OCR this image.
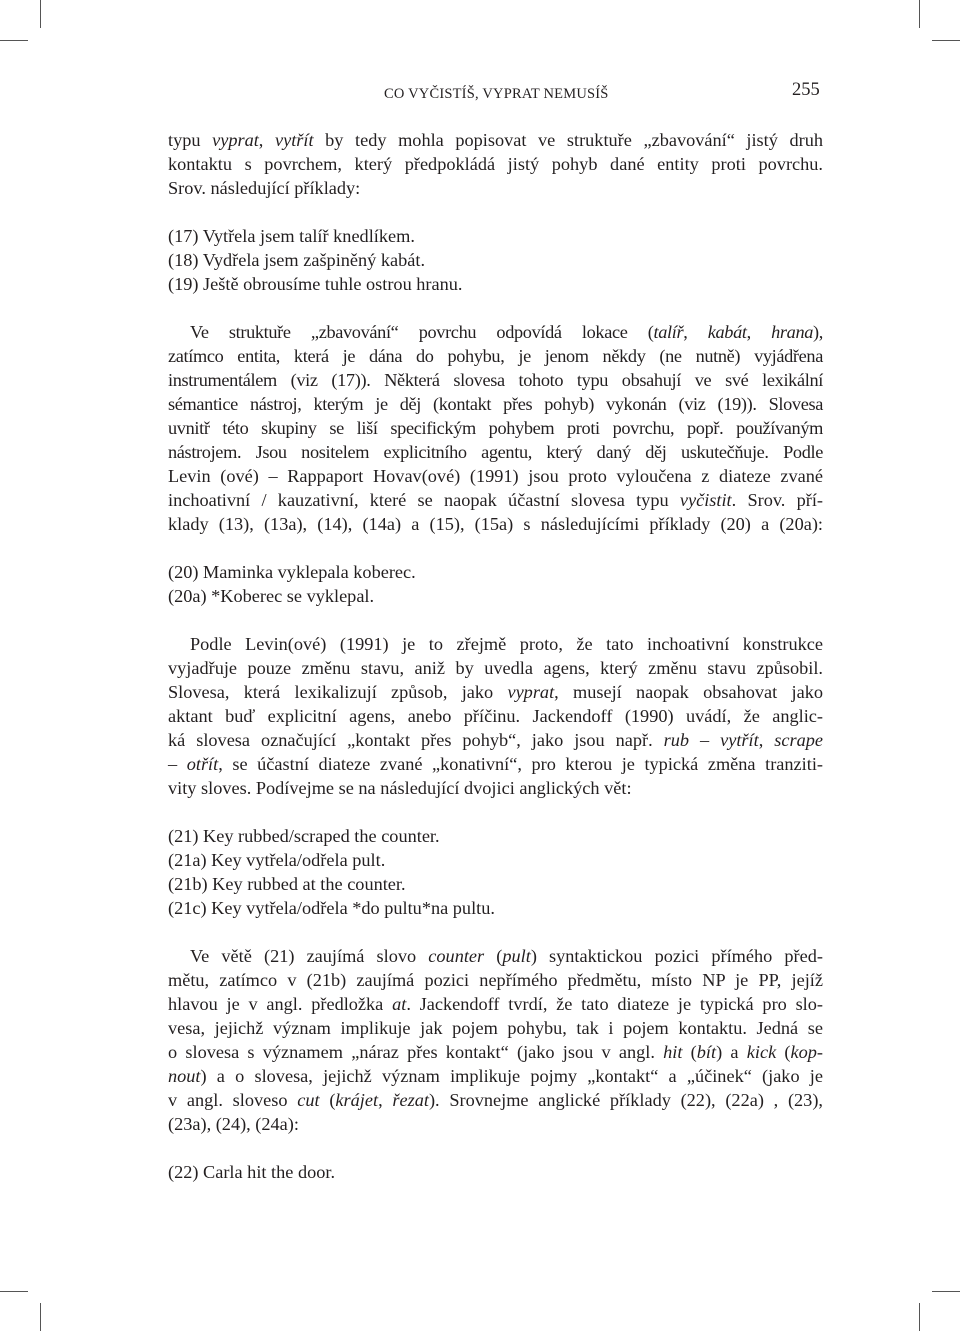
CO VYČISTÍŠ, VYPRAT NEMUSÍŠ	255
typu vyprat, vytřít by tedy mohla popisovat ve struktuře „zbavování“ jistý druh
kontaktu s povrchem, který předpokládá jistý pohyb dané entity proti povrchu.
Srov. následující příklady:
(17) Vytřela jsem talíř knedlíkem.
(18) Vydřela jsem zašpiněný kabát.
(19) Ještě obrousíme tuhle ostrou hranu.
Ve struktuře „zbavování“ povrchu odpovídá lokace (talíř, kabát, hrana),
zatímco entita, která je dána do pohybu, je jenom někdy (ne nutně) vyjádřena
instrumentálem (viz (17)). Některá slovesa tohoto typu obsahují ve své lexikální
sémantice nástroj, kterým je děj (kontakt přes pohyb) vykonán (viz (19)). Slovesa
uvnitř této skupiny se liší specifickým pohybem proti povrchu, popř. používaným
nástrojem. Jsou nositelem explicitního agentu, který daný děj uskutečňuje. Podle
Levin (ové) – Rappaport Hovav(ové) (1991) jsou proto vyloučena z diateze zvané
inchoativní / kauzativní, které se naopak účastní slovesa typu vyčistit. Srov. pří-
klady (13), (13a), (14), (14a) a (15), (15a) s následujícími příklady (20) a (20a):
(20) Maminka vyklepala koberec.
(20a) *Koberec se vyklepal.
Podle Levin(ové) (1991) je to zřejmě proto, že tato inchoativní konstrukce
vyjadřuje pouze změnu stavu, aniž by uvedla agens, který změnu stavu způsobil.
Slovesa, která lexikalizují způsob, jako vyprat, musejí naopak obsahovat jako
aktant buď explicitní agens, anebo příčinu. Jackendoff (1990) uvádí, že anglic-
ká slovesa označující „kontakt přes pohyb“, jako jsou např. rub – vytřít, scrape
– otřít, se účastní diateze zvané „konativní“, pro kterou je typická změna tranziti-
vity sloves. Podívejme se na následující dvojici anglických vět:
(21) Key rubbed/scraped the counter.
(21a) Key vytřela/odřela pult.
(21b) Key rubbed at the counter.
(21c) Key vytřela/odřela *do pultu*na pultu.
Ve větě (21) zaujímá slovo counter (pult) syntaktickou pozici přímého před-
mětu, zatímco v (21b) zaujímá pozici nepřímého předmětu, místo NP je PP, jejíž
hlavou je v angl. předložka at. Jackendoff tvrdí, že tato diateze je typická pro slo-
vesa, jejichž význam implikuje jak pojem pohybu, tak i pojem kontaktu. Jedná se
o slovesa s významem „náraz přes kontakt“ (jako jsou v angl. hit (bít) a kick (kop-
nout) a o slovesa, jejichž význam implikuje pojmy „kontakt“ a „účinek“ (jako je
v angl. sloveso cut (krájet, řezat). Srovnejme anglické příklady (22), (22a) , (23),
(23a), (24), (24a):
(22) Carla hit the door.
